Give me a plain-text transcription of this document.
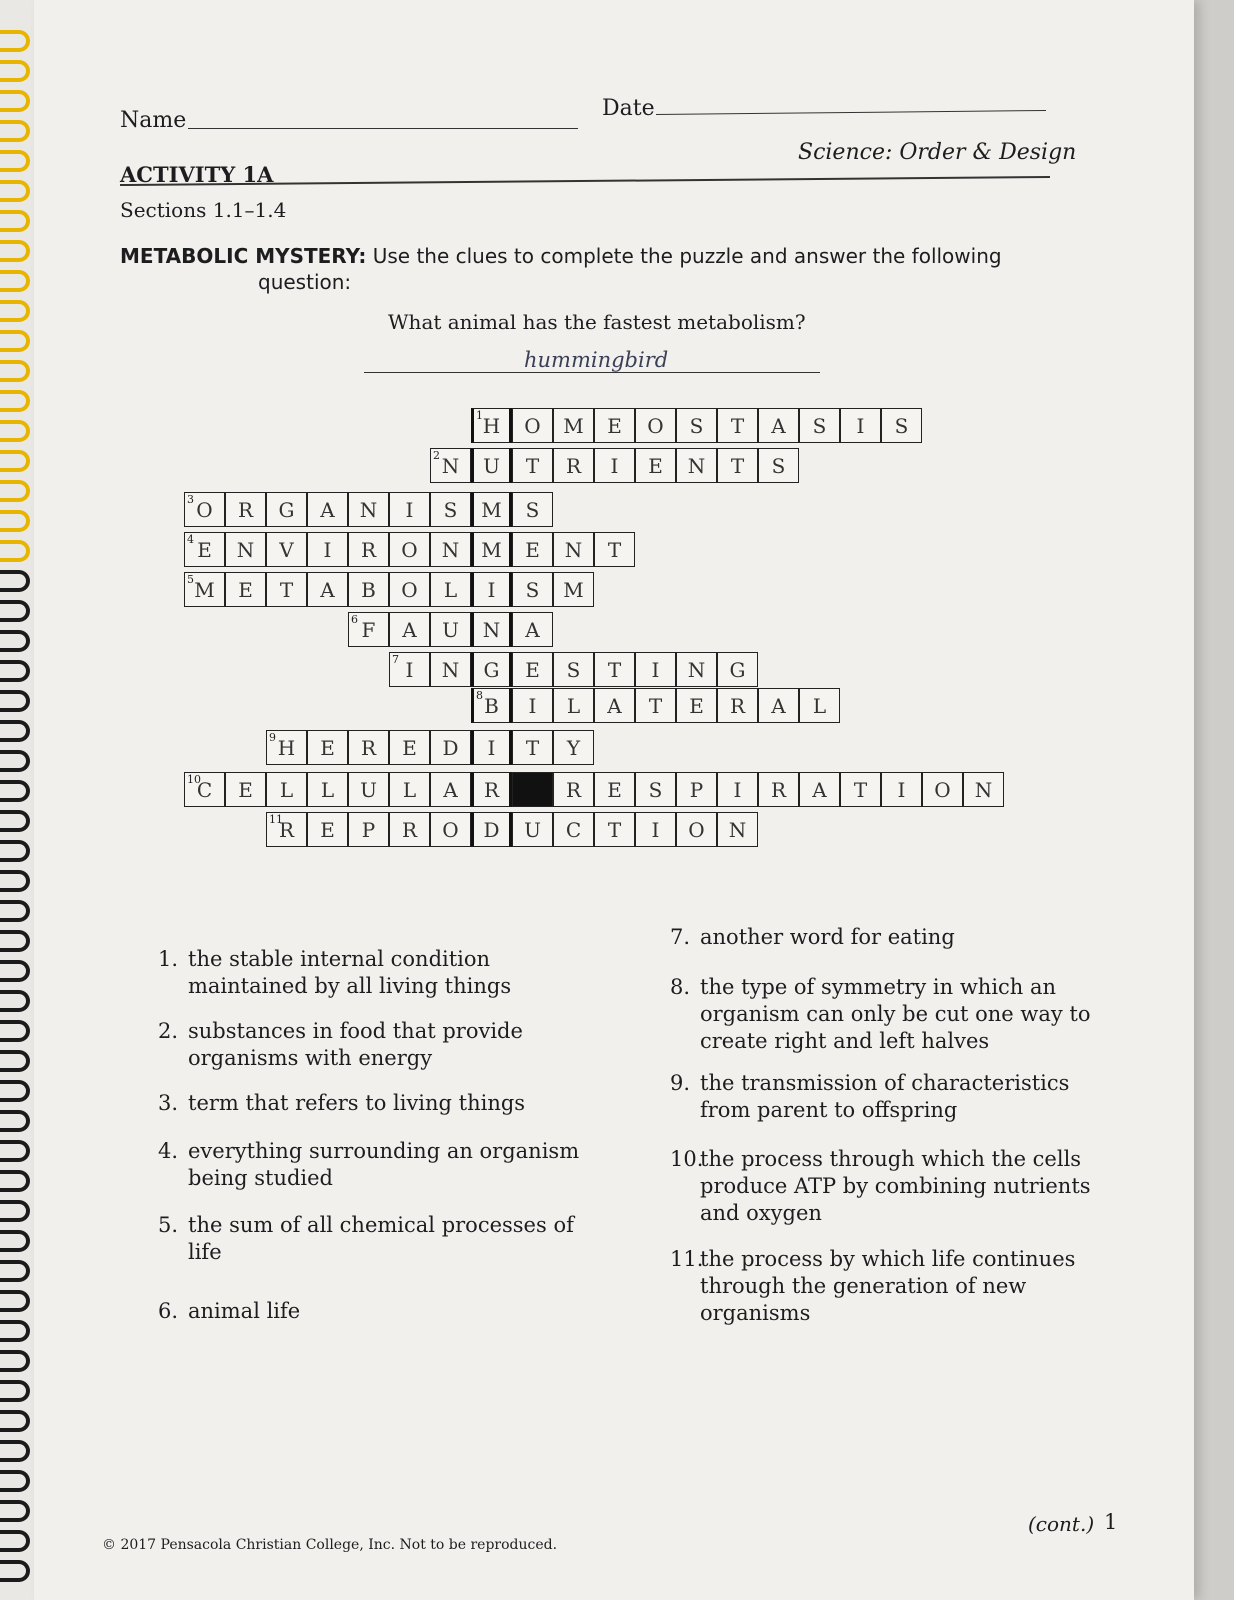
Name	Date
ACTIVITY 1A
Science: Order & Design
Sections 1.1–1.4
METABOLIC MYSTERY: Use the clues to complete the puzzle and answer the following
question:
What animal has the fastest metabolism?
hummingbird
H
1 O M E O S T A S I S
N
2 U T R I E N T S
O
3 R G A N I S M S
E
4 N V I R O N M E N T
M
5 E T A B O L I S M
F
6 A U N A
I
7 N G E S T I N G
B
8 I L A T E R A L
H
9 E R E D I T Y
C
10 E L L U L A R	R E S P I R A T I O N
R
11 E P R O D U C T I O N
1. the stable internal condition
maintained by all living things
2. substances in food that provide
organisms with energy
3. term that refers to living things
4. everything surrounding an organism
being studied
5. the sum of all chemical processes of
life
6. animal life
7. another word for eating
8. the type of symmetry in which an
organism can only be cut one way to
create right and left halves
9. the transmission of characteristics
from parent to offspring
10.
the process through which the cells
produce ATP by combining nutrients
and oxygen
11.
the process by which life continues
through the generation of new
organisms
© 2017 Pensacola Christian College, Inc. Not to be reproduced.
(cont.) 1
